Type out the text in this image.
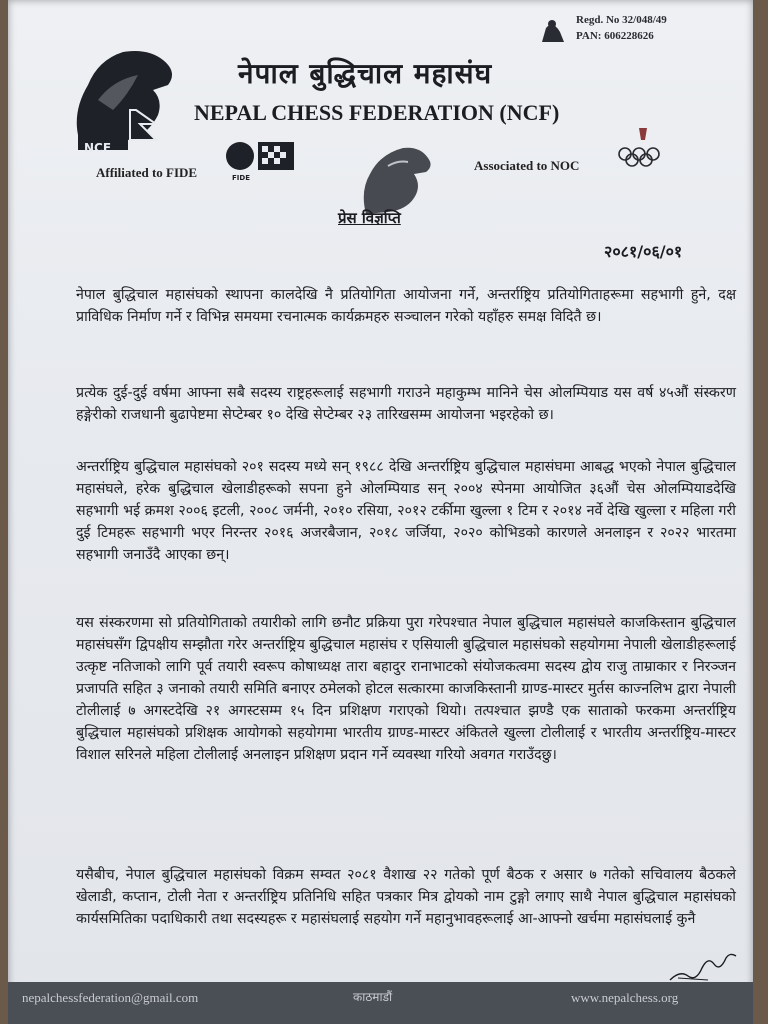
NCF
नेपाल बुद्धिचाल महासंघ
NEPAL CHESS FEDERATION (NCF)
Regd. No 32/048/49
PAN: 606228626
Affiliated to FIDE	FIDE
Associated to NOC
प्रेस विज्ञप्ति
२०८१/०६/०१

नेपाल बुद्धिचाल महासंघको स्थापना कालदेखि नै प्रतियोगिता आयोजना गर्ने, अन्तर्राष्ट्रिय प्रतियोगिताहरूमा सहभागी हुने, दक्ष प्राविधिक निर्माण गर्ने र विभिन्न समयमा रचनात्मक कार्यक्रमहरु सञ्चालन गरेको यहाँहरु समक्ष विदितै छ।

प्रत्येक दुई-दुई वर्षमा आफ्ना सबै सदस्य राष्ट्रहरूलाई सहभागी गराउने महाकुम्भ मानिने चेस ओलम्पियाड यस वर्ष ४५औं संस्करण हङ्गेरीको राजधानी बुढापेष्टमा सेप्टेम्बर १० देखि सेप्टेम्बर २३ तारिखसम्म आयोजना भइरहेको छ।

अन्तर्राष्ट्रिय बुद्धिचाल महासंघको २०१ सदस्य मध्ये सन् १९८८ देखि अन्तर्राष्ट्रिय बुद्धिचाल महासंघमा आबद्ध भएको नेपाल बुद्धिचाल महासंघले, हरेक बुद्धिचाल खेलाडीहरूको सपना हुने ओलम्पियाड सन् २००४ स्पेनमा आयोजित ३६औं चेस ओलम्पियाडदेखि सहभागी भई क्रमश २००६ इटली, २००८ जर्मनी, २०१० रसिया, २०१२ टर्कीमा खुल्ला १ टिम र २०१४ नर्वे देखि खुल्ला र महिला गरी दुई टिमहरू सहभागी भएर निरन्तर २०१६ अजरबैजान, २०१८ जर्जिया, २०२० कोभिडको कारणले अनलाइन र २०२२ भारतमा सहभागी जनाउँदै आएका छन्।

यस संस्करणमा सो प्रतियोगिताको तयारीको लागि छनौट प्रक्रिया पुरा गरेपश्चात नेपाल बुद्धिचाल महासंघले काजकिस्तान बुद्धिचाल महासंघसँग द्विपक्षीय सम्झौता गरेर अन्तर्राष्ट्रिय बुद्धिचाल महासंघ र एसियाली बुद्धिचाल महासंघको सहयोगमा नेपाली खेलाडीहरूलाई उत्कृष्ट नतिजाको लागि पूर्व तयारी स्वरूप कोषाध्यक्ष तारा बहादुर रानाभाटको संयोजकत्वमा सदस्य द्वोय राजु ताम्राकार र निरञ्जन प्रजापति सहित ३ जनाको तयारी समिति बनाएर ठमेलको होटल सत्कारमा काजकिस्तानी ग्राण्ड-मास्टर मुर्तस काज्नलिभ द्वारा नेपाली टोलीलाई ७ अगस्टदेखि २१ अगस्टसम्म १५ दिन प्रशिक्षण गराएको थियो। तत्पश्चात झण्डै एक साताको फरकमा अन्तर्राष्ट्रिय बुद्धिचाल महासंघको प्रशिक्षक आयोगको सहयोगमा भारतीय ग्राण्ड-मास्टर अंकितले खुल्ला टोलीलाई र भारतीय अन्तर्राष्ट्रिय-मास्टर विशाल सरिनले महिला टोलीलाई अनलाइन प्रशिक्षण प्रदान गर्ने व्यवस्था गरियो अवगत गराउँदछु।

यसैबीच, नेपाल बुद्धिचाल महासंघको विक्रम सम्वत २०८१ वैशाख २२ गतेको पूर्ण बैठक र असार ७ गतेको सचिवालय बैठकले खेलाडी, कप्तान, टोली नेता र अन्तर्राष्ट्रिय प्रतिनिधि सहित पत्रकार मित्र द्वोयको नाम टुङ्गो लगाए साथै नेपाल बुद्धिचाल महासंघको कार्यसमितिका पदाधिकारी तथा सदस्यहरू र महासंघलाई सहयोग गर्ने महानुभावहरूलाई आ-आफ्नो खर्चमा महासंघलाई कुनै

nepalchessfederation@gmail.com	काठमाडौं	www.nepalchess.org
